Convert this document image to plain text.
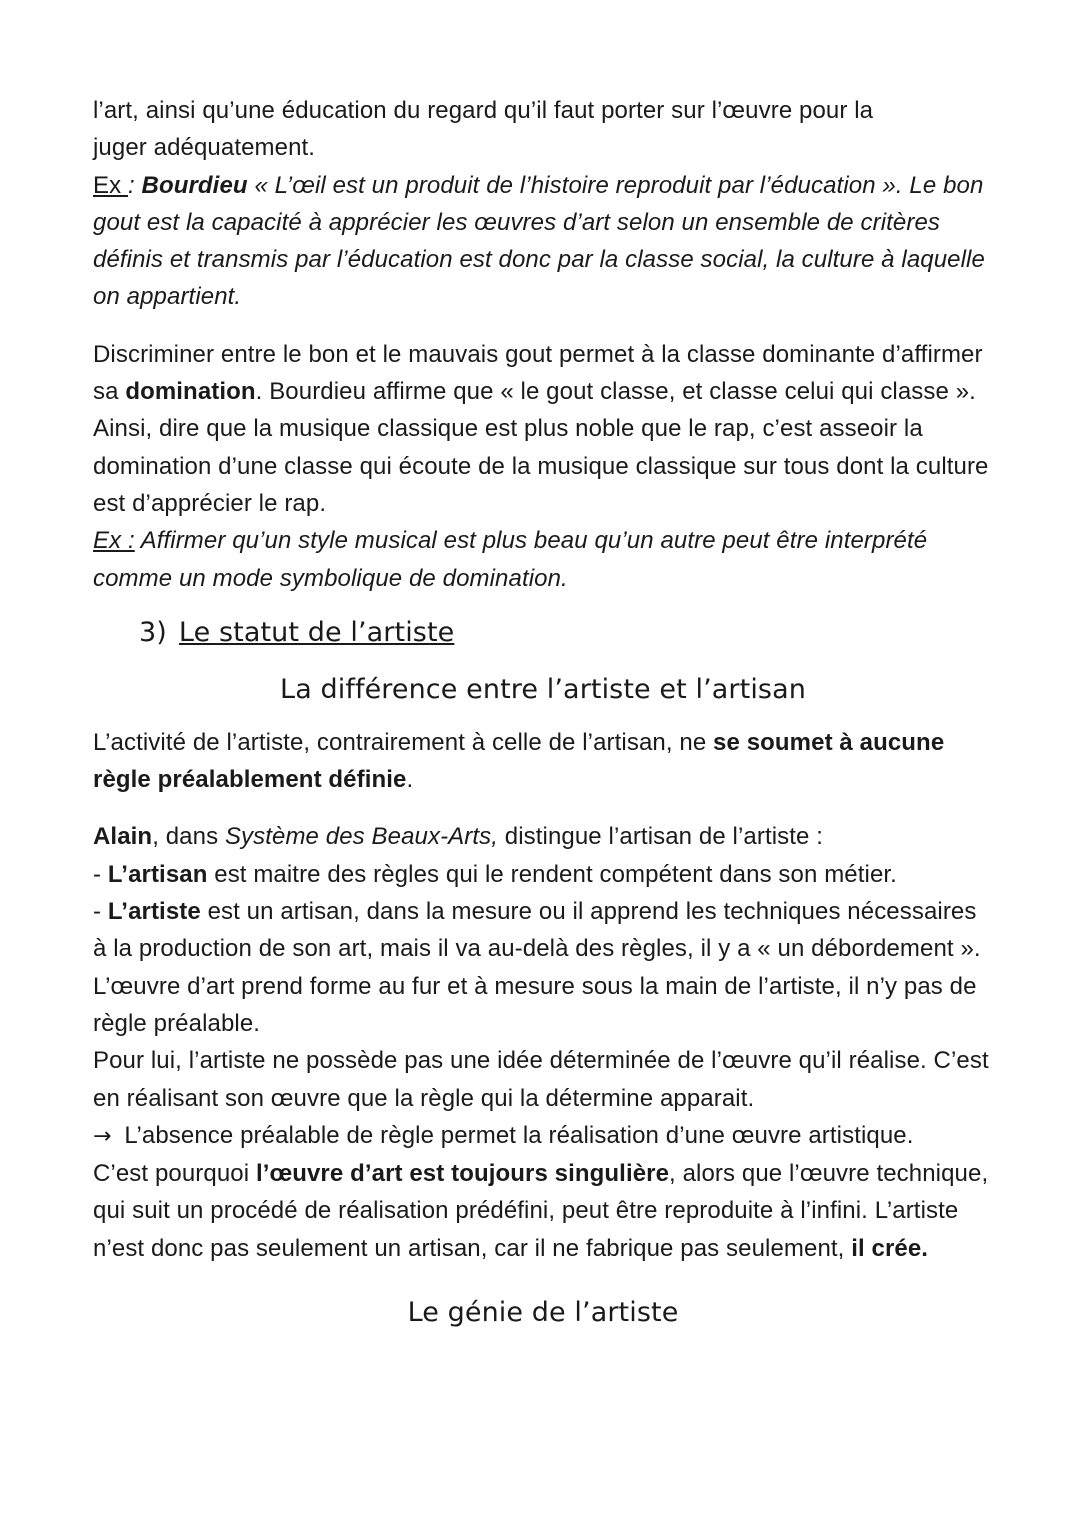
l’art, ainsi qu’une éducation du regard qu’il faut porter sur l’œuvre pour la
juger adéquatement.
Ex : Bourdieu « L’œil est un produit de l’histoire reproduit par l’éducation ». Le bon gout est la capacité à apprécier les œuvres d’art selon un ensemble de critères définis et transmis par l’éducation est donc par la classe social, la culture à laquelle on appartient.

Discriminer entre le bon et le mauvais gout permet à la classe dominante d’affirmer sa domination. Bourdieu affirme que « le gout classe, et classe celui qui classe ». Ainsi, dire que la musique classique est plus noble que le rap, c’est asseoir la domination d’une classe qui écoute de la musique classique sur tous dont la culture est d’apprécier le rap.
Ex : Affirmer qu’un style musical est plus beau qu’un autre peut être interprété comme un mode symbolique de domination.

3) Le statut de l’artiste
La différence entre l’artiste et l’artisan

L’activité de l’artiste, contrairement à celle de l’artisan, ne se soumet à aucune règle préalablement définie.

Alain, dans Système des Beaux-Arts, distingue l’artisan de l’artiste :
- L’artisan est maitre des règles qui le rendent compétent dans son métier.
- L’artiste est un artisan, dans la mesure ou il apprend les techniques nécessaires à la production de son art, mais il va au-delà des règles, il y a « un débordement ». L’œuvre d’art prend forme au fur et à mesure sous la main de l’artiste, il n’y pas de règle préalable.
Pour lui, l’artiste ne possède pas une idée déterminée de l’œuvre qu’il réalise. C’est en réalisant son œuvre que la règle qui la détermine apparait.
→ L’absence préalable de règle permet la réalisation d’une œuvre artistique.
C’est pourquoi l’œuvre d’art est toujours singulière, alors que l’œuvre technique, qui suit un procédé de réalisation prédéfini, peut être reproduite à l’infini. L’artiste n’est donc pas seulement un artisan, car il ne fabrique pas seulement, il crée.

Le génie de l’artiste
